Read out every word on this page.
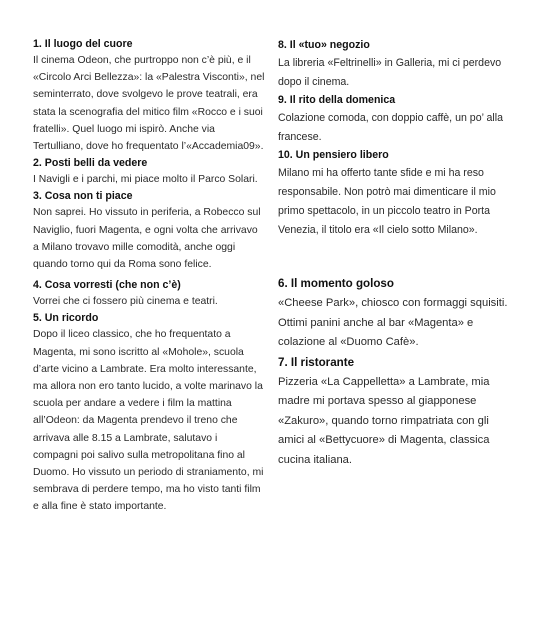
1. Il luogo del cuore

Il cinema Odeon, che purtroppo non c’è più, e il «Circolo Arci Bellezza»: la «Palestra Visconti», nel seminterrato, dove svolgevo le prove teatrali, era stata la scenografia del mitico film «Rocco e i suoi fratelli». Quel luogo mi ispirò. Anche via Tertulliano, dove ho frequentato l’«Accademia09».

2. Posti belli da vedere

I Navigli e i parchi, mi piace molto il Parco Solari.

3. Cosa non ti piace

Non saprei. Ho vissuto in periferia, a Robecco sul Naviglio, fuori Magenta, e ogni volta che arrivavo a Milano trovavo mille comodità, anche oggi quando torno qui da Roma sono felice.

4. Cosa vorresti (che non c’è)

Vorrei che ci fossero più cinema e teatri.

5. Un ricordo

Dopo il liceo classico, che ho frequentato a Magenta, mi sono iscritto al «Mohole», scuola d’arte vicino a Lambrate. Era molto interessante, ma allora non ero tanto lucido, a volte marinavo la scuola per andare a vedere i film la mattina all’Odeon: da Magenta prendevo il treno che arrivava alle 8.15 a Lambrate, salutavo i compagni poi salivo sulla metropolitana fino al Duomo. Ho vissuto un periodo di straniamento, mi sembrava di perdere tempo, ma ho visto tanti film e alla fine è stato importante.

8. Il «tuo» negozio

La libreria «Feltrinelli» in Galleria, mi ci perdevo dopo il cinema.

9. Il rito della domenica

Colazione comoda, con doppio caffè, un po’ alla francese.

10. Un pensiero libero

Milano mi ha offerto tante sfide e mi ha reso responsabile. Non potrò mai dimenticare il mio primo spettacolo, in un piccolo teatro in Porta Venezia, il titolo era «Il cielo sotto Milano».

6. Il momento goloso

«Cheese Park», chiosco con formaggi squisiti. Ottimi panini anche al bar «Magenta» e colazione al «Duomo Cafè».

7. Il ristorante

Pizzeria «La Cappelletta» a Lambrate, mia madre mi portava spesso al giapponese «Zakuro», quando torno rimpatriata con gli amici al «Bettycuore» di Magenta, classica cucina italiana.
